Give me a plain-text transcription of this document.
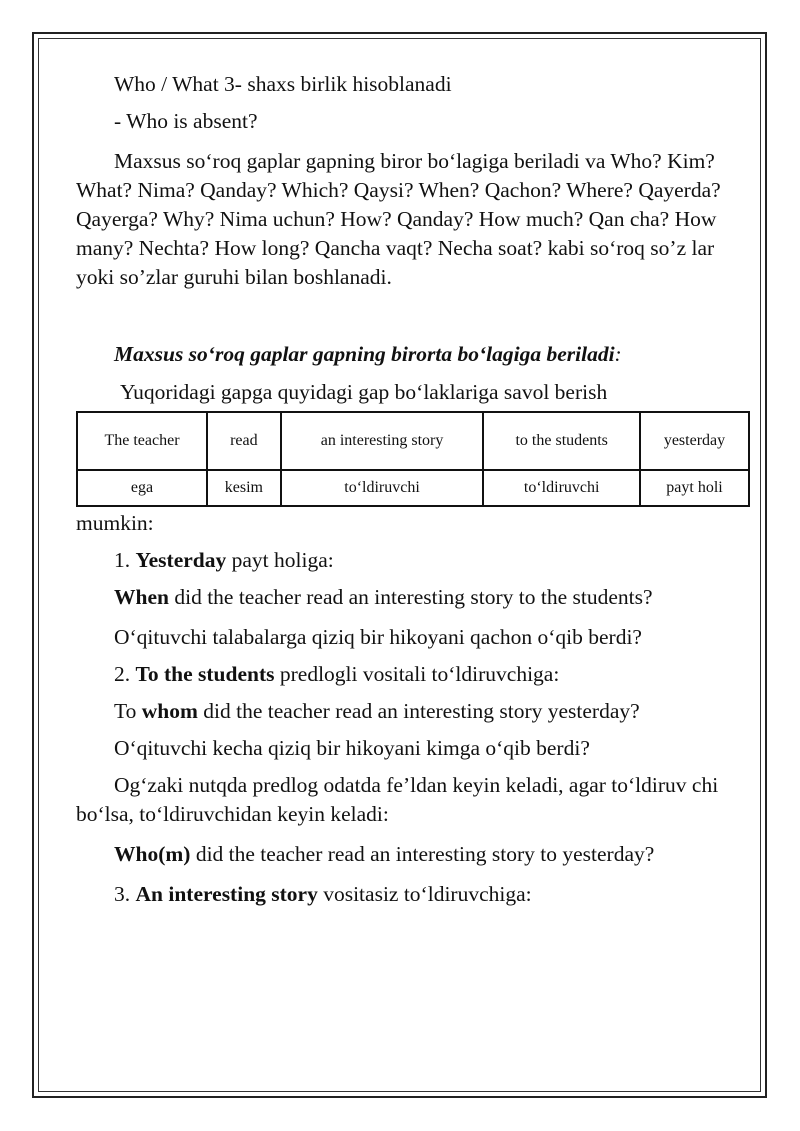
Who / What 3- shaxs birlik hisoblanadi

- Who is absent?

Maxsus soʻroq gaplar gapning biror boʻlagiga beriladi va Who? Kim? What? Nima? Qanday? Which? Qaysi? When? Qachon? Where? Qayerda? Qayerga? Why? Nima uchun? How? Qanday? How much? Qan cha? How many? Nechta? How long? Qancha vaqt? Necha soat? kabi soʻroq soʼz lar yoki soʼzlar guruhi bilan boshlanadi.

Maxsus soʻroq gaplar gapning birorta boʻlagiga beriladi:

Yuqoridagi gapga quyidagi gap boʻlaklariga savol berish

The teacher	read	an interesting story	to the students	yesterday
ega	kesim	toʻldiruvchi	toʻldiruvchi	payt holi

mumkin:

1. Yesterday payt holiga:

When did the teacher read an interesting story to the students?

Oʻqituvchi talabalarga qiziq bir hikoyani qachon oʻqib berdi?

2. To the students predlogli vositali toʻldiruvchiga:

To whom did the teacher read an interesting story yesterday?

Oʻqituvchi kecha qiziq bir hikoyani kimga oʻqib berdi?

Ogʻzaki nutqda predlog odatda feʼldan keyin keladi, agar toʻldiruv chi boʻlsa, toʻldiruvchidan keyin keladi:

Who(m) did the teacher read an interesting story to yesterday?

3. An interesting story vositasiz toʻldiruvchiga:
